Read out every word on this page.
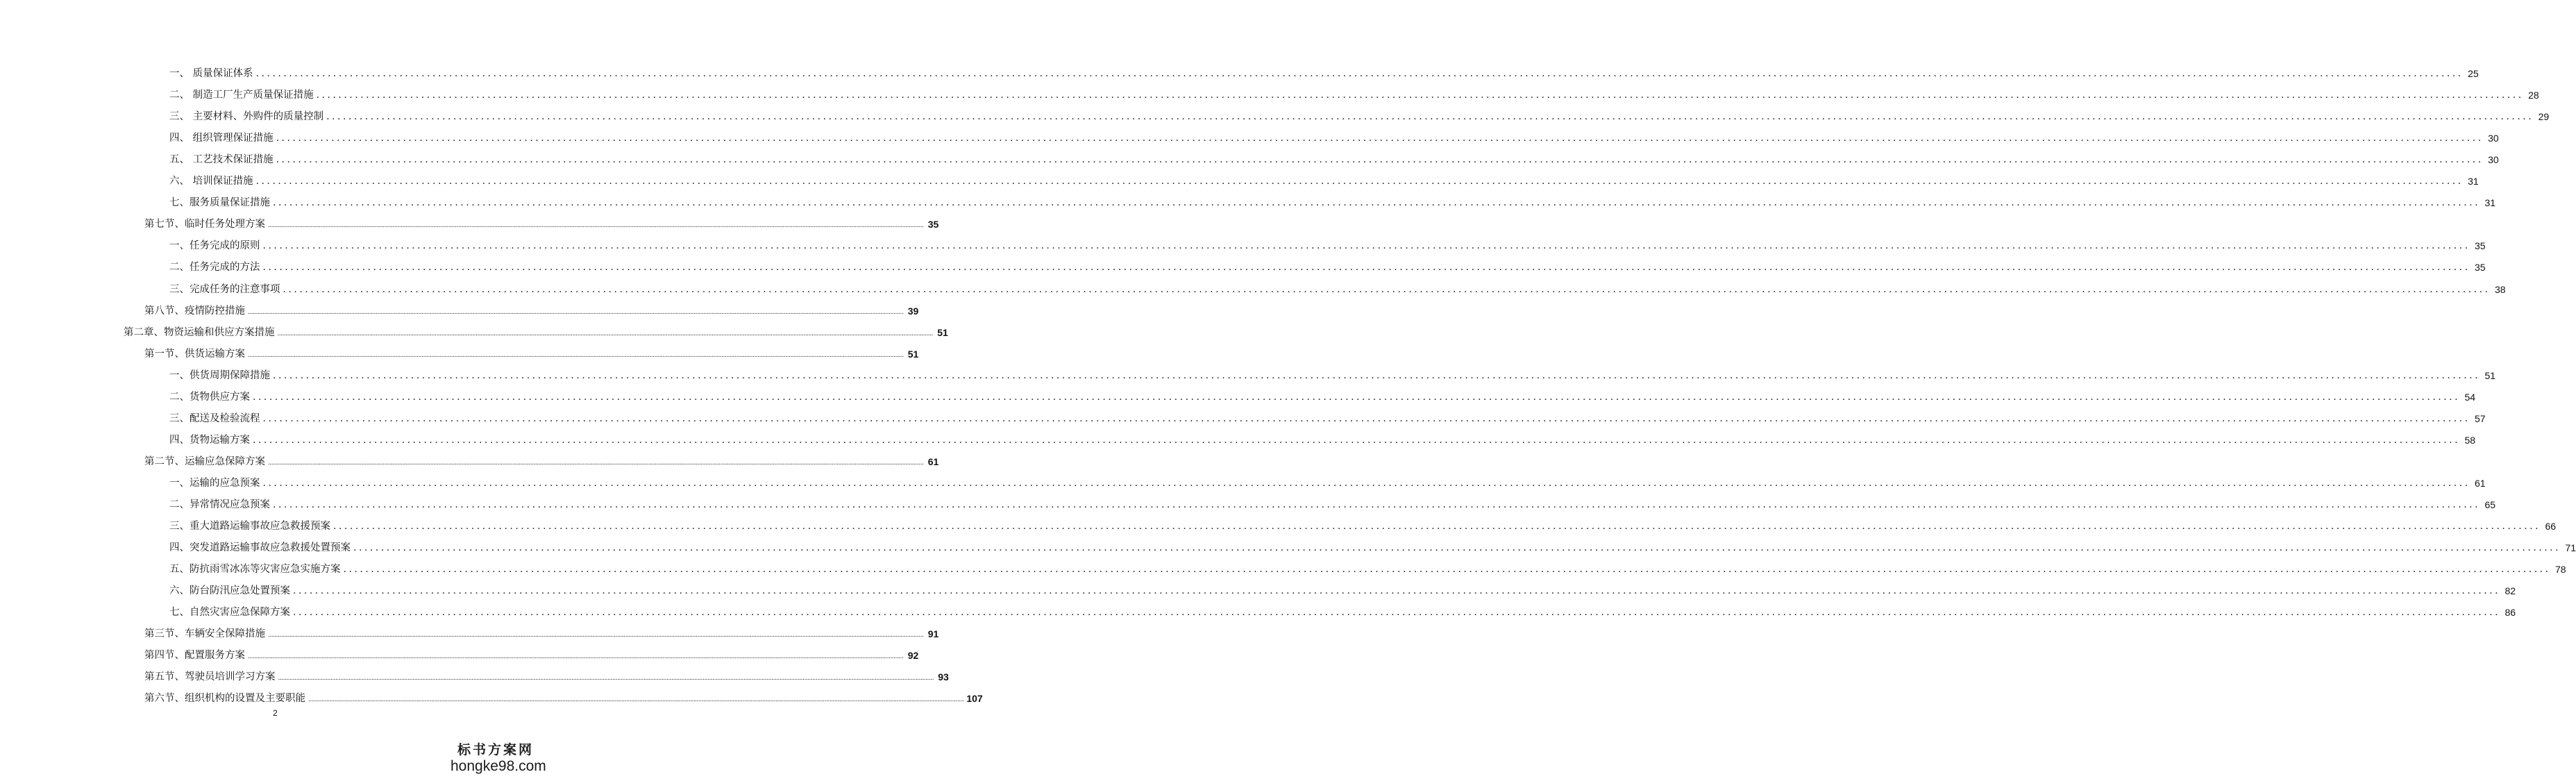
一、 质量保证体系 ................................................................................................................................................................................................................................................................................................................................................................................................................ 25
二、 制造工厂生产质量保证措施 ................................................................................................................................................................................................................................................................................................................................................................................................................ 28
三、 主要材料、外购件的质量控制 ................................................................................................................................................................................................................................................................................................................................................................................................................ 29
四、 组织管理保证措施 ................................................................................................................................................................................................................................................................................................................................................................................................................ 30
五、 工艺技术保证措施 ................................................................................................................................................................................................................................................................................................................................................................................................................ 30
六、 培训保证措施 ................................................................................................................................................................................................................................................................................................................................................................................................................ 31
七、服务质量保证措施 ................................................................................................................................................................................................................................................................................................................................................................................................................ 31
第七节、临时任务处理方案 ................................................................................................................................................................................................................................................................................................................................................................................................................ 35
一、任务完成的原则 ................................................................................................................................................................................................................................................................................................................................................................................................................ 35
二、任务完成的方法 ................................................................................................................................................................................................................................................................................................................................................................................................................ 35
三、完成任务的注意事项 ................................................................................................................................................................................................................................................................................................................................................................................................................ 38
第八节、疫情防控措施 ................................................................................................................................................................................................................................................................................................................................................................................................................ 39
第二章、物资运输和供应方案措施 ................................................................................................................................................................................................................................................................................................................................................................................................................ 51
第一节、供货运输方案 ................................................................................................................................................................................................................................................................................................................................................................................................................ 51
一、供货周期保障措施 ................................................................................................................................................................................................................................................................................................................................................................................................................ 51
二、货物供应方案 ................................................................................................................................................................................................................................................................................................................................................................................................................ 54
三、配送及检验流程 ................................................................................................................................................................................................................................................................................................................................................................................................................ 57
四、货物运输方案 ................................................................................................................................................................................................................................................................................................................................................................................................................ 58
第二节、运输应急保障方案 ................................................................................................................................................................................................................................................................................................................................................................................................................ 61
一、运输的应急预案 ................................................................................................................................................................................................................................................................................................................................................................................................................ 61
二、异常情况应急预案 ................................................................................................................................................................................................................................................................................................................................................................................................................ 65
三、重大道路运输事故应急救援预案 ................................................................................................................................................................................................................................................................................................................................................................................................................ 66
四、突发道路运输事故应急救援处置预案 ................................................................................................................................................................................................................................................................................................................................................................................................................ 71
五、防抗雨雪冰冻等灾害应急实施方案 ................................................................................................................................................................................................................................................................................................................................................................................................................ 78
六、防台防汛应急处置预案 ................................................................................................................................................................................................................................................................................................................................................................................................................ 82
七、自然灾害应急保障方案 ................................................................................................................................................................................................................................................................................................................................................................................................................ 86
第三节、车辆安全保障措施 ................................................................................................................................................................................................................................................................................................................................................................................................................ 91
第四节、配置服务方案 ................................................................................................................................................................................................................................................................................................................................................................................................................ 92
第五节、驾驶员培训学习方案 ................................................................................................................................................................................................................................................................................................................................................................................................................ 93
第六节、组织机构的设置及主要职能 ................................................................................................................................................................................................................................................................................................................................................................................................................ 107
2
标书方案网
hongke98.com
